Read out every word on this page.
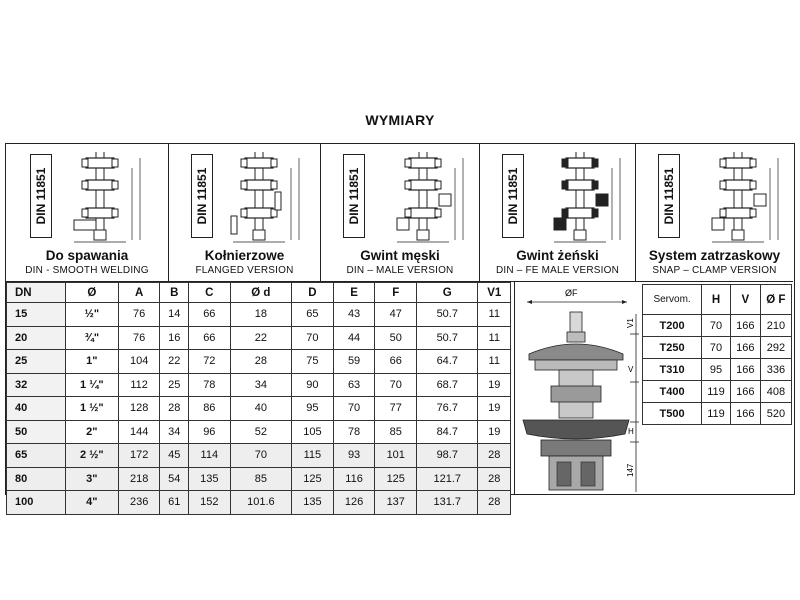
WYMIARY
DIN 11851
Do spawania
DIN - SMOOTH WELDING
DIN 11851
Kołnierzowe
FLANGED VERSION
DIN 11851
Gwint męski
DIN – MALE VERSION
DIN 11851
Gwint żeński
DIN – FE MALE VERSION
DIN 11851
System zatrzaskowy
SNAP – CLAMP VERSION
DN	Ø	A	B	C	Ø d	D	E	F	G	V1
15	½"	76	14	66	18	65	43	47	50.7	11
20	¾"	76	16	66	22	70	44	50	50.7	11
25	1"	104	22	72	28	75	59	66	64.7	11
32	1 ¼"	112	25	78	34	90	63	70	68.7	19
40	1 ½"	128	28	86	40	95	70	77	76.7	19
50	2"	144	34	96	52	105	78	85	84.7	19
65	2 ½"	172	45	114	70	115	93	101	98.7	28
80	3"	218	54	135	85	125	116	125	121.7	28
100	4"	236	61	152	101.6	135	126	137	131.7	28
ØF
V1
V
H
147
Servom.	H	V	Ø F
T200	70	166	210
T250	70	166	292
T310	95	166	336
T400	119	166	408
T500	119	166	520
